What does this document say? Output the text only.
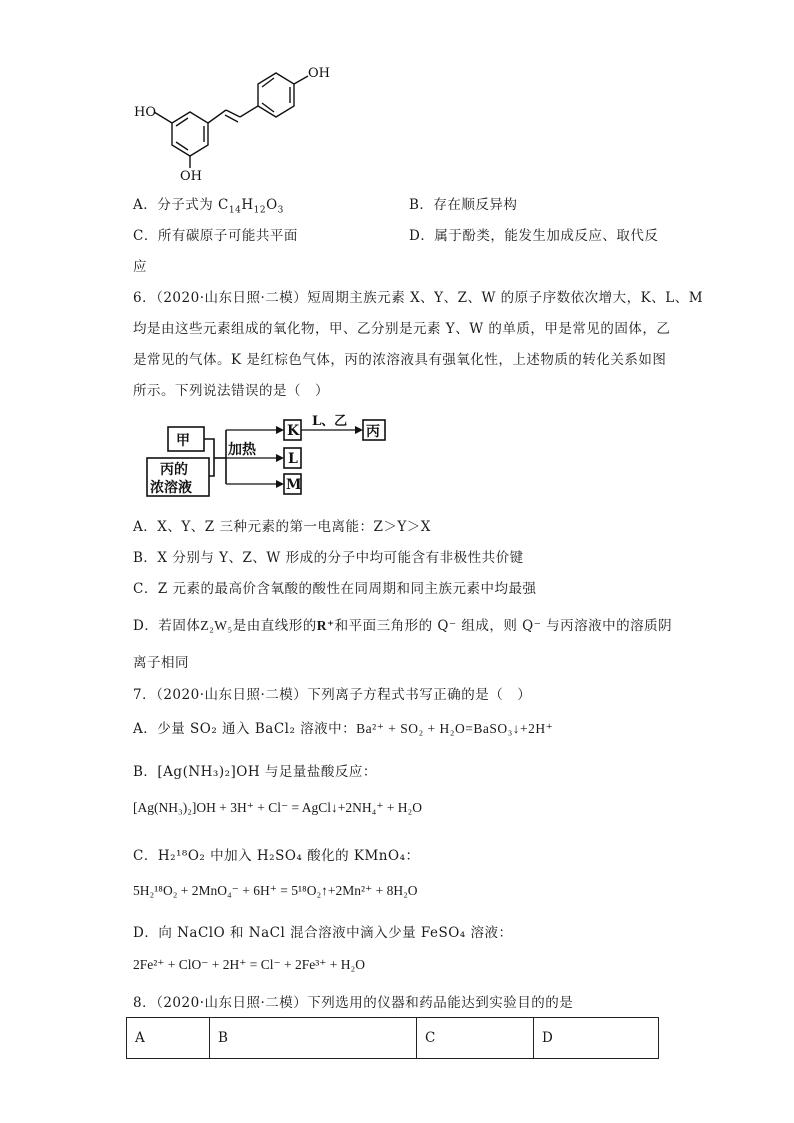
OH
HO
OH
A．分子式为 $C_{14}H_{12}O_3$	B．存在顺反异构
C．所有碳原子可能共平面	D．属于酚类，能发生加成反应、取代反
应
6．（2020·山东日照·二模）短周期主族元素 X、Y、Z、W 的原子序数依次增大，K、L、M
均是由这些元素组成的氧化物，甲、乙分别是元素 Y、W 的单质，甲是常见的固体，乙
是常见的气体。K 是红棕色气体，丙的浓溶液具有强氧化性，上述物质的转化关系如图
所示。下列说法错误的是（　）
甲
丙的
浓溶液
加热
K
L
M
L、乙
丙
A．X、Y、Z 三种元素的第一电离能：Z＞Y＞X
B．X 分别与 Y、Z、W 形成的分子中均可能含有非极性共价键
C．Z 元素的最高价含氧酸的酸性在同周期和同主族元素中均最强
D．若固体Z₂W₅是由直线形的R⁺和平面三角形的 Q⁻ 组成，则 Q⁻ 与丙溶液中的溶质阴
离子相同
7．（2020·山东日照·二模）下列离子方程式书写正确的是（　）
A．少量 SO₂ 通入 BaCl₂ 溶液中：Ba²⁺ + SO₂ + H₂O=BaSO₃↓+2H⁺
B．[Ag(NH₃)₂]OH 与足量盐酸反应：
[Ag(NH₃)₂]OH + 3H⁺ + Cl⁻ = AgCl↓+2NH₄⁺ + H₂O
C．H₂¹⁸O₂ 中加入 H₂SO₄ 酸化的 KMnO₄：
5H₂¹⁸O₂ + 2MnO₄⁻ + 6H⁺ = 5¹⁸O₂↑+2Mn²⁺ + 8H₂O
D．向 NaClO 和 NaCl 混合溶液中滴入少量 FeSO₄ 溶液：
2Fe²⁺ + ClO⁻ + 2H⁺ = Cl⁻ + 2Fe³⁺ + H₂O
8．（2020·山东日照·二模）下列选用的仪器和药品能达到实验目的的是
A	B	C	D
